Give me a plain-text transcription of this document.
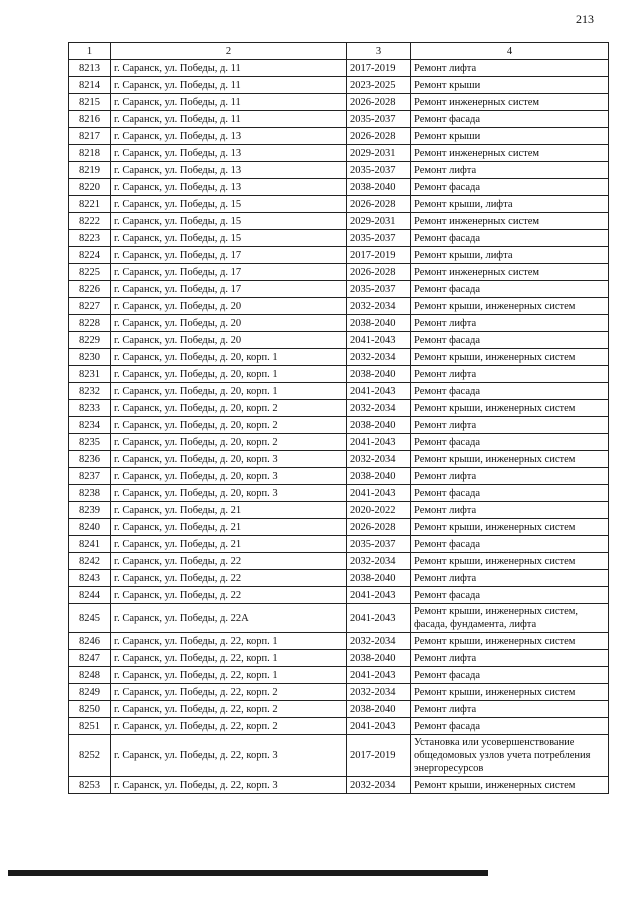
213
1	2	3	4
8213	г. Саранск, ул. Победы, д. 11	2017-2019	Ремонт лифта
8214	г. Саранск, ул. Победы, д. 11	2023-2025	Ремонт крыши
8215	г. Саранск, ул. Победы, д. 11	2026-2028	Ремонт инженерных систем
8216	г. Саранск, ул. Победы, д. 11	2035-2037	Ремонт фасада
8217	г. Саранск, ул. Победы, д. 13	2026-2028	Ремонт крыши
8218	г. Саранск, ул. Победы, д. 13	2029-2031	Ремонт инженерных систем
8219	г. Саранск, ул. Победы, д. 13	2035-2037	Ремонт лифта
8220	г. Саранск, ул. Победы, д. 13	2038-2040	Ремонт фасада
8221	г. Саранск, ул. Победы, д. 15	2026-2028	Ремонт крыши, лифта
8222	г. Саранск, ул. Победы, д. 15	2029-2031	Ремонт инженерных систем
8223	г. Саранск, ул. Победы, д. 15	2035-2037	Ремонт фасада
8224	г. Саранск, ул. Победы, д. 17	2017-2019	Ремонт крыши, лифта
8225	г. Саранск, ул. Победы, д. 17	2026-2028	Ремонт инженерных систем
8226	г. Саранск, ул. Победы, д. 17	2035-2037	Ремонт фасада
8227	г. Саранск, ул. Победы, д. 20	2032-2034	Ремонт крыши, инженерных систем
8228	г. Саранск, ул. Победы, д. 20	2038-2040	Ремонт лифта
8229	г. Саранск, ул. Победы, д. 20	2041-2043	Ремонт фасада
8230	г. Саранск, ул. Победы, д. 20, корп. 1	2032-2034	Ремонт крыши, инженерных систем
8231	г. Саранск, ул. Победы, д. 20, корп. 1	2038-2040	Ремонт лифта
8232	г. Саранск, ул. Победы, д. 20, корп. 1	2041-2043	Ремонт фасада
8233	г. Саранск, ул. Победы, д. 20, корп. 2	2032-2034	Ремонт крыши, инженерных систем
8234	г. Саранск, ул. Победы, д. 20, корп. 2	2038-2040	Ремонт лифта
8235	г. Саранск, ул. Победы, д. 20, корп. 2	2041-2043	Ремонт фасада
8236	г. Саранск, ул. Победы, д. 20, корп. 3	2032-2034	Ремонт крыши, инженерных систем
8237	г. Саранск, ул. Победы, д. 20, корп. 3	2038-2040	Ремонт лифта
8238	г. Саранск, ул. Победы, д. 20, корп. 3	2041-2043	Ремонт фасада
8239	г. Саранск, ул. Победы, д. 21	2020-2022	Ремонт лифта
8240	г. Саранск, ул. Победы, д. 21	2026-2028	Ремонт крыши, инженерных систем
8241	г. Саранск, ул. Победы, д. 21	2035-2037	Ремонт фасада
8242	г. Саранск, ул. Победы, д. 22	2032-2034	Ремонт крыши, инженерных систем
8243	г. Саранск, ул. Победы, д. 22	2038-2040	Ремонт лифта
8244	г. Саранск, ул. Победы, д. 22	2041-2043	Ремонт фасада
8245	г. Саранск, ул. Победы, д. 22А	2041-2043	Ремонт крыши, инженерных систем, фасада, фундамента, лифта
8246	г. Саранск, ул. Победы, д. 22, корп. 1	2032-2034	Ремонт крыши, инженерных систем
8247	г. Саранск, ул. Победы, д. 22, корп. 1	2038-2040	Ремонт лифта
8248	г. Саранск, ул. Победы, д. 22, корп. 1	2041-2043	Ремонт фасада
8249	г. Саранск, ул. Победы, д. 22, корп. 2	2032-2034	Ремонт крыши, инженерных систем
8250	г. Саранск, ул. Победы, д. 22, корп. 2	2038-2040	Ремонт лифта
8251	г. Саранск, ул. Победы, д. 22, корп. 2	2041-2043	Ремонт фасада
8252	г. Саранск, ул. Победы, д. 22, корп. 3	2017-2019	Установка или усовершенствование общедомовых узлов учета потребления энергоресурсов
8253	г. Саранск, ул. Победы, д. 22, корп. 3	2032-2034	Ремонт крыши, инженерных систем
